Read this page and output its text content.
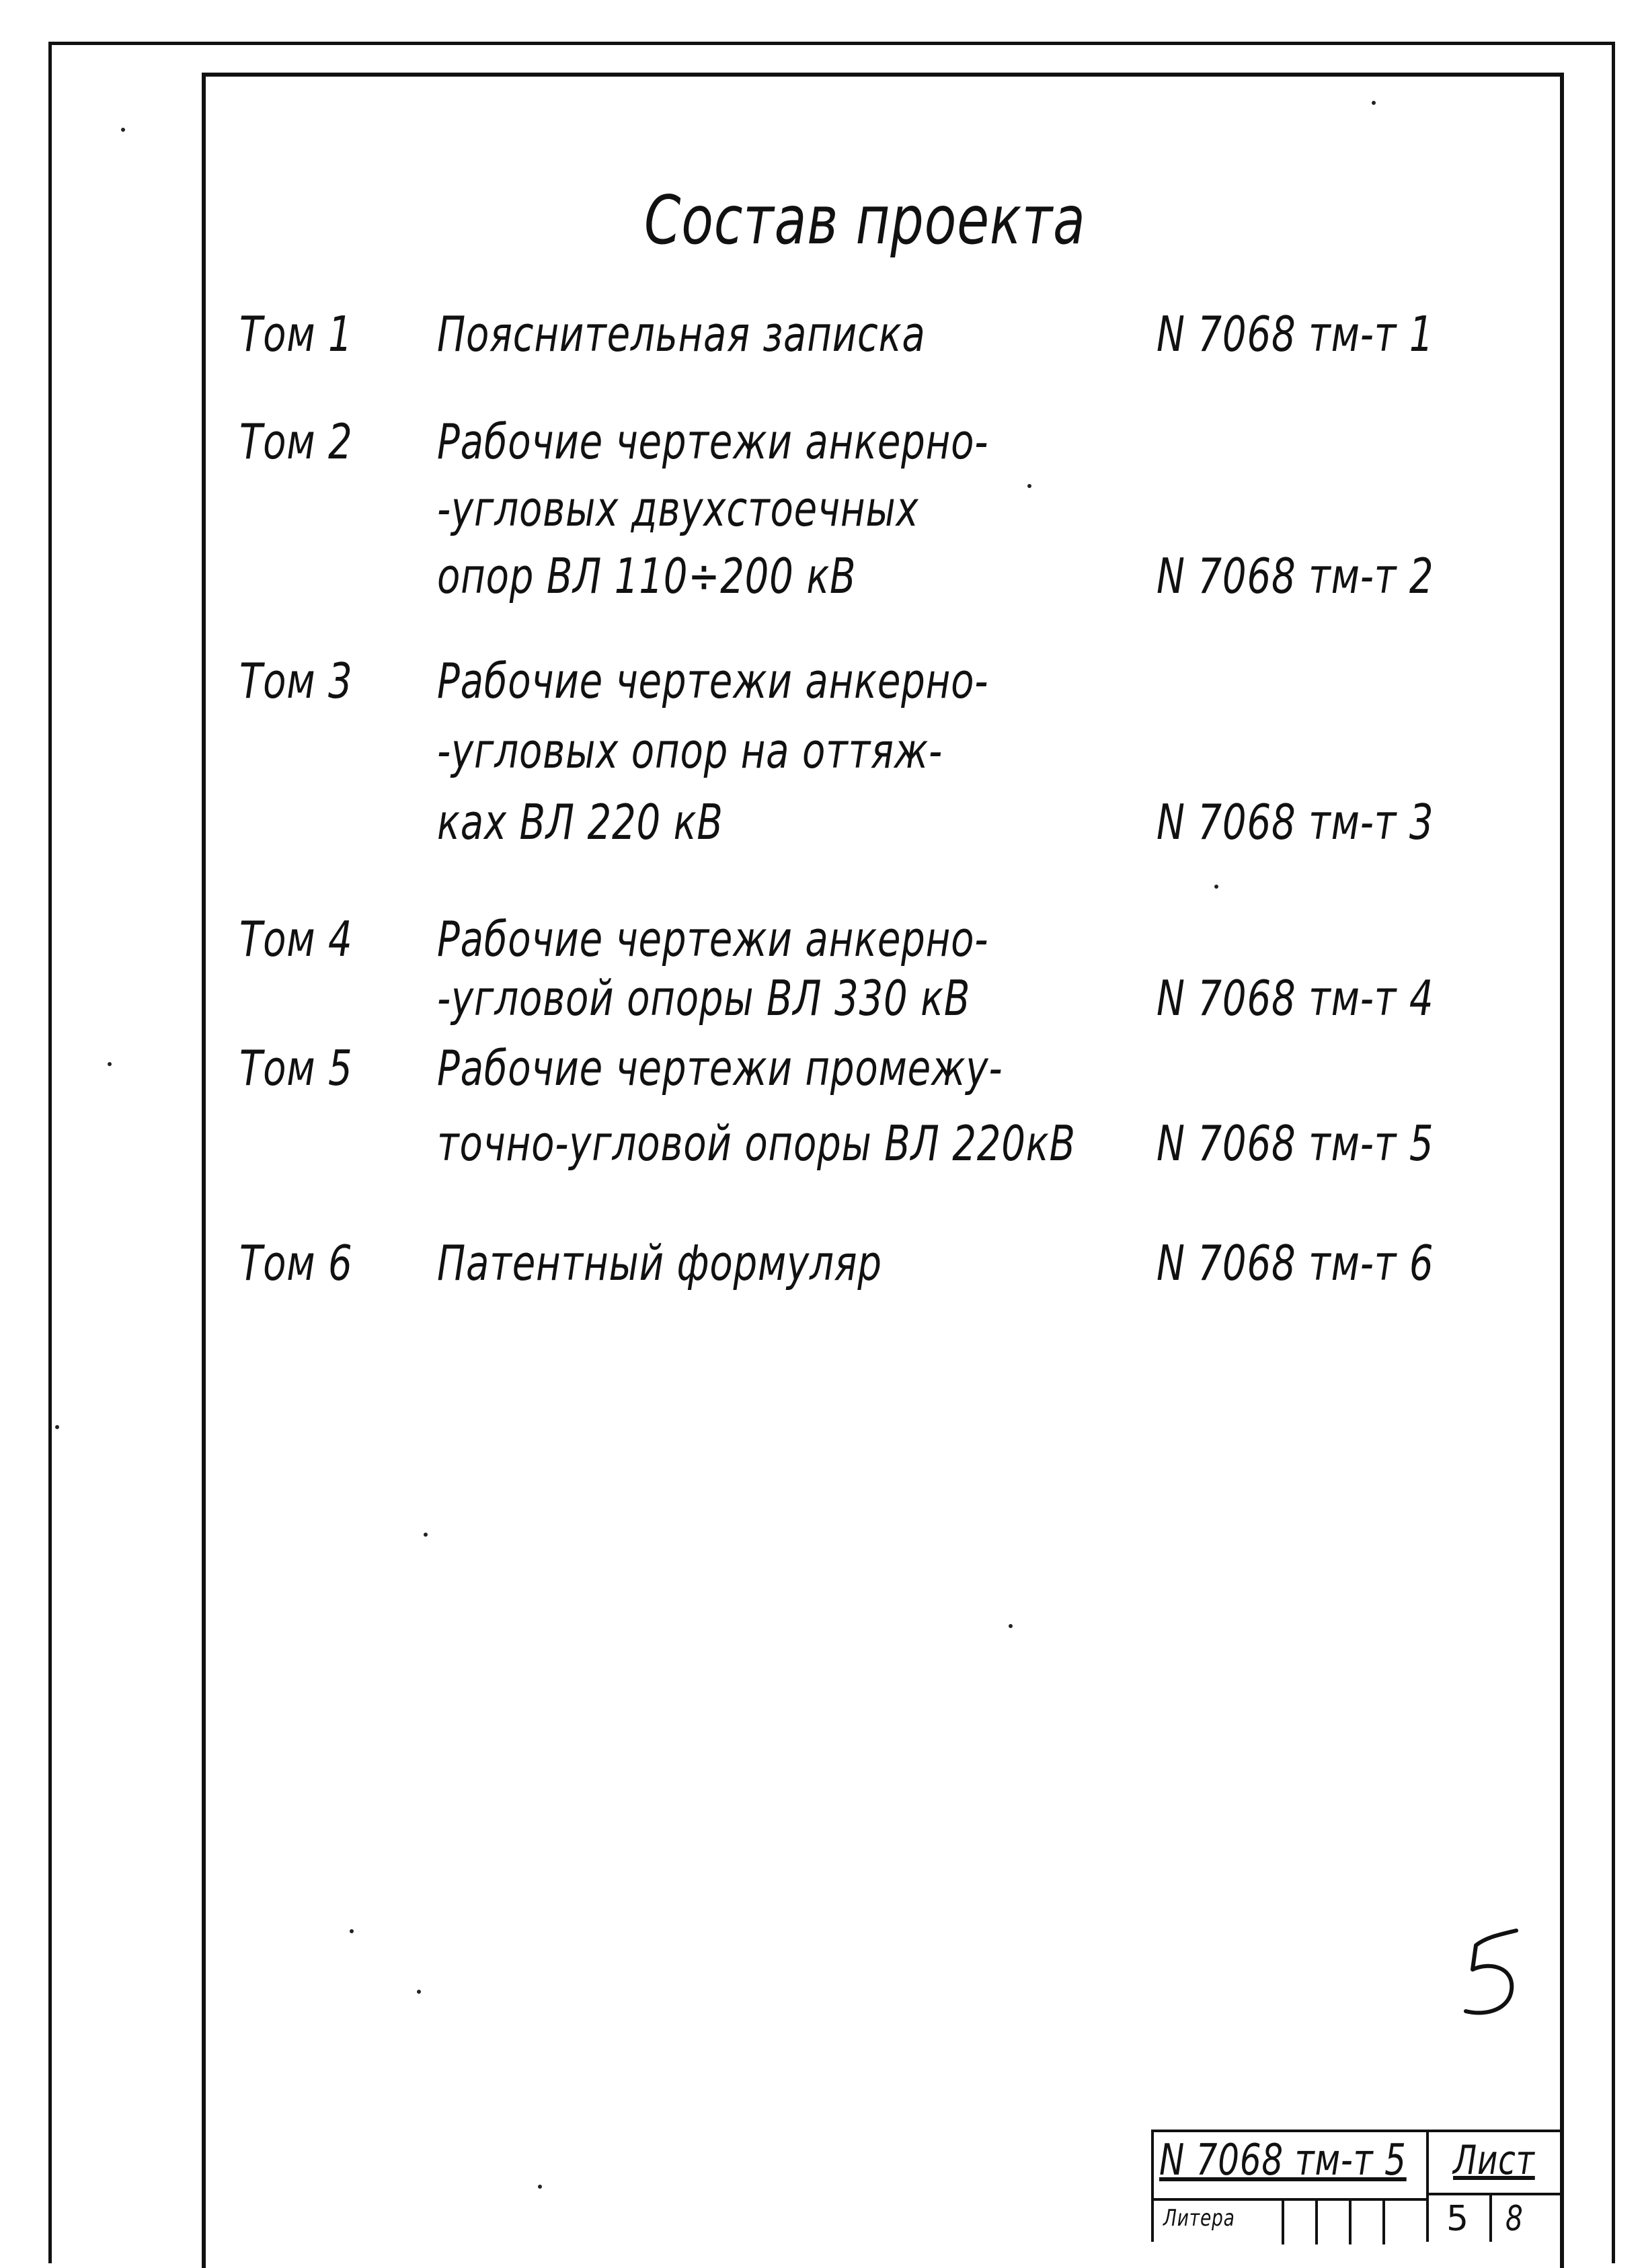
Состав проекта
Том 1 Пояснительная записка	N 7068 тм-т 1
Том 2 Рабочие чертежи анкерно-
-угловых двухстоечных
опор ВЛ 110÷200 кВ	N 7068 тм-т 2
Том 3 Рабочие чертежи анкерно-
-угловых опор на оттяж-
ках ВЛ 220 кВ	N 7068 тм-т 3
Том 4 Рабочие чертежи анкерно-
-угловой опоры ВЛ 330 кВ	N 7068 тм-т 4
Том 5 Рабочие чертежи промежу-
точно-угловой опоры ВЛ 220кВ N 7068 тм-т 5
Том 6 Патентный формуляр	N 7068 тм-т 6
N 7068 тм-т 5
Литера
Лист
5 8
